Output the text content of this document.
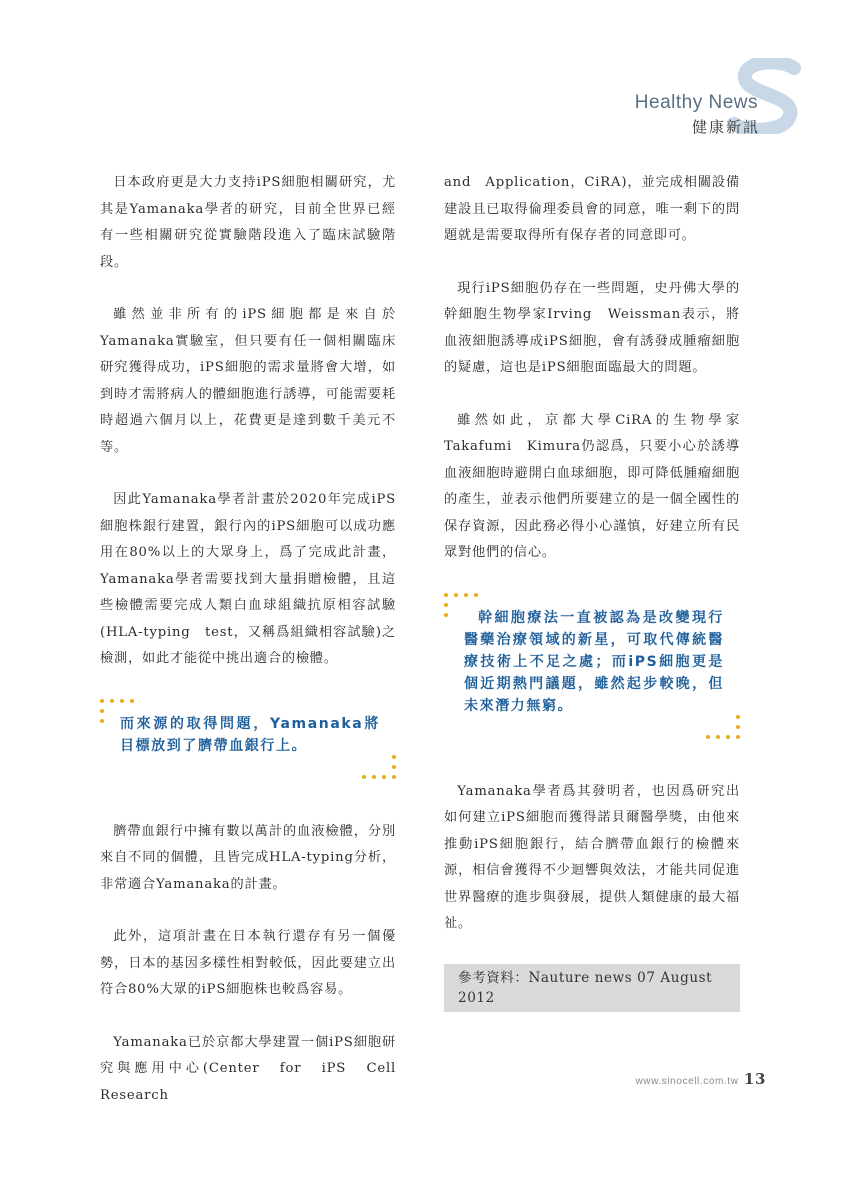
Healthy News
健康新訊

日本政府更是大力支持iPS細胞相關研究，尤其是Yamanaka學者的研究，目前全世界已經有一些相關研究從實驗階段進入了臨床試驗階段。

雖然並非所有的iPS細胞都是來自於Yamanaka實驗室，但只要有任一個相關臨床研究獲得成功，iPS細胞的需求量將會大增，如到時才需將病人的體細胞進行誘導，可能需要耗時超過六個月以上，花費更是達到數千美元不等。

因此Yamanaka學者計畫於2020年完成iPS細胞株銀行建置，銀行內的iPS細胞可以成功應用在80%以上的大眾身上，爲了完成此計畫，Yamanaka學者需要找到大量捐贈檢體，且這些檢體需要完成人類白血球組織抗原相容試驗(HLA-typing　test，又稱爲組織相容試驗)之檢測，如此才能從中挑出適合的檢體。

而來源的取得問題，Yamanaka將目標放到了臍帶血銀行上。

臍帶血銀行中擁有數以萬計的血液檢體，分別來自不同的個體，且皆完成HLA-typing分析，非常適合Yamanaka的計畫。

此外，這項計畫在日本執行還存有另一個優勢，日本的基因多樣性相對較低，因此要建立出符合80%大眾的iPS細胞株也較爲容易。

Yamanaka已於京都大學建置一個iPS細胞研究與應用中心(Center　for　iPS　Cell　Research

and　Application，CiRA)，並完成相關設備建設且已取得倫理委員會的同意，唯一剩下的問題就是需要取得所有保存者的同意即可。

現行iPS細胞仍存在一些問題，史丹佛大學的幹細胞生物學家Irving　Weissman表示，將血液細胞誘導成iPS細胞，會有誘發成腫瘤細胞的疑慮，這也是iPS細胞面臨最大的問題。

雖然如此，京都大學CiRA的生物學家Takafumi　Kimura仍認爲，只要小心於誘導血液細胞時避開白血球細胞，即可降低腫瘤細胞的產生，並表示他們所要建立的是一個全國性的保存資源，因此務必得小心謹慎，好建立所有民眾對他們的信心。

幹細胞療法一直被認為是改變現行醫藥治療領域的新星，可取代傳統醫療技術上不足之處；而iPS細胞更是個近期熱門議題，雖然起步較晚，但未來潛力無窮。

Yamanaka學者爲其發明者，也因爲研究出如何建立iPS細胞而獲得諾貝爾醫學獎，由他來推動iPS細胞銀行，結合臍帶血銀行的檢體來源，相信會獲得不少迴響與效法，才能共同促進世界醫療的進步與發展，提供人類健康的最大福祉。

參考資料：Nauture news 07 August 2012
www.sinocell.com.tw 13
